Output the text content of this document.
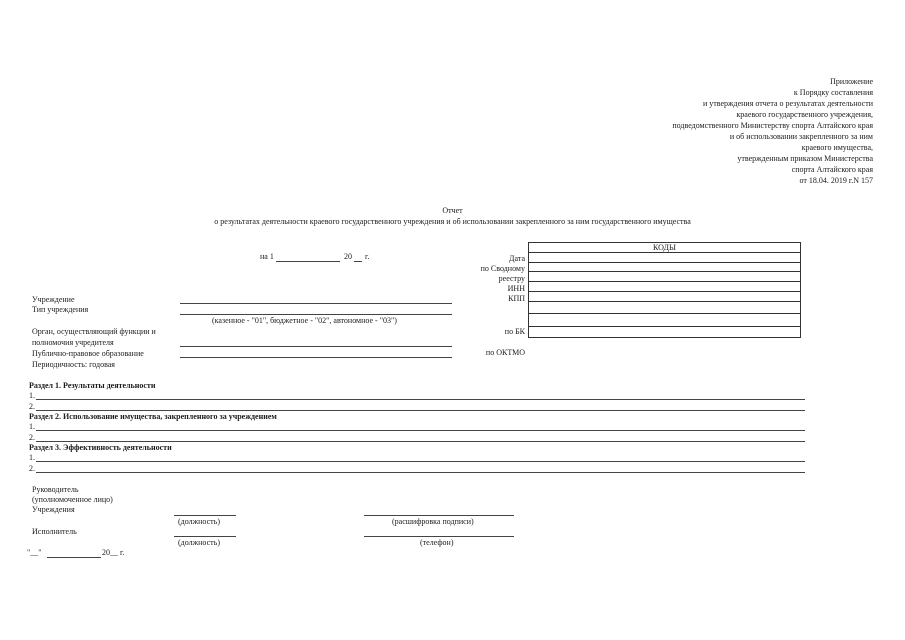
Приложение
к Порядку составления
и утверждения отчета о результатах деятельности
краевого государственного учреждения,
подведомственного Министерству спорта Алтайского края
и об использовании закрепленного за ним
краевого имущества,
утвержденным приказом Министерства
спорта Алтайского края
от 18.04. 2019 г.N 157
Отчет
о результатах деятельности краевого государственного учреждения и об использовании закрепленного за ним государственного имущества
на 1	20 г.
КОДЫ
Дата
по Сводному
реестру
ИНН
КПП
по БК
по ОКТМО
Учреждение
Тип учреждения
(казенное - "01", бюджетное - "02", автономное - "03")
Орган, осуществляющий функции и
полномочия учредителя
Публично-правовое образование
Периодичность: годовая
Раздел 1. Результаты деятельности
1.
2.
Раздел 2. Использование имущества, закрепленного за учреждением
1.
2.
Раздел 3. Эффективность деятельности
1.
2.
Руководитель
(уполномоченное лицо)
Учреждения
(должность)	(расшифровка подписи)
Исполнитель
(должность)	(телефон)
"__"	20__ г.
